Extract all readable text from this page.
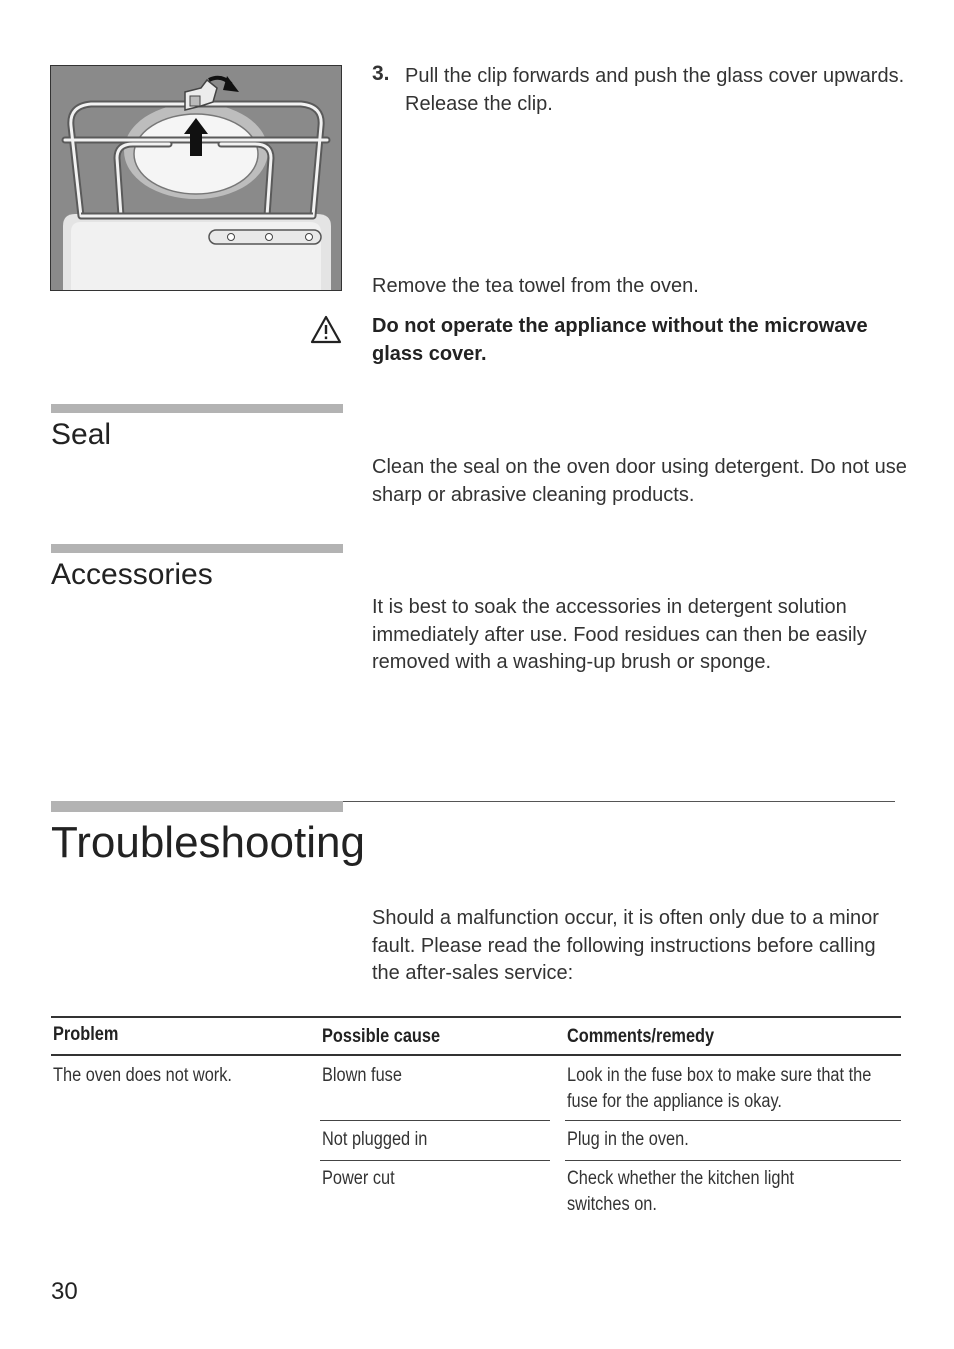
3. Pull the clip forwards and push the glass cover upwards. Release the clip.
Remove the tea towel from the oven.
Do not operate the appliance without the microwave glass cover.
Seal
Clean the seal on the oven door using detergent. Do not use sharp or abrasive cleaning products.
Accessories
It is best to soak the accessories in detergent solution immediately after use. Food residues can then be easily removed with a washing-up brush or sponge.
Troubleshooting
Should a malfunction occur, it is often only due to a minor fault. Please read the following instructions before calling the after-sales service:
Problem	Possible cause	Comments/remedy
The oven does not work.	Blown fuse	Look in the fuse box to make sure that the fuse for the appliance is okay.
Not plugged in	Plug in the oven.
Power cut	Check whether the kitchen light switches on.
30
